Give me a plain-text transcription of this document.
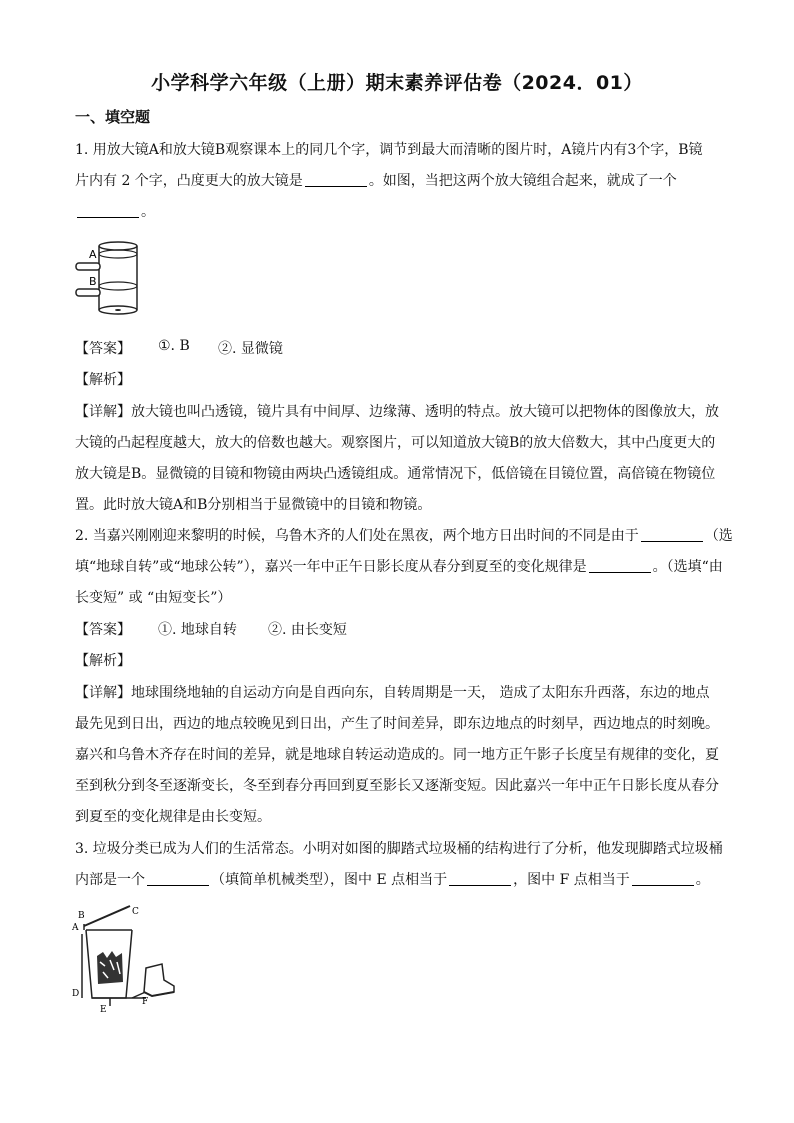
小学科学六年级（上册）期末素养评估卷（2024．01）
一、填空题
1. 用放大镜A和放大镜B观察课本上的同几个字，调节到最大而清晰的图片时，A镜片内有3个字，B镜
片内有 2 个字，凸度更大的放大镜是	。如图，当把这两个放大镜组合起来，就成了一个
。
A
B
【答案】 ①. B ②. 显微镜
【解析】
【详解】放大镜也叫凸透镜，镜片具有中间厚、边缘薄、透明的特点。放大镜可以把物体的图像放大，放
大镜的凸起程度越大，放大的倍数也越大。观察图片，可以知道放大镜B的放大倍数大，其中凸度更大的
放大镜是B。显微镜的目镜和物镜由两块凸透镜组成。通常情况下，低倍镜在目镜位置，高倍镜在物镜位
置。此时放大镜A和B分别相当于显微镜中的目镜和物镜。
2. 当嘉兴刚刚迎来黎明的时候，乌鲁木齐的人们处在黑夜，两个地方日出时间的不同是由于	（选
填“地球自转”或“地球公转”），嘉兴一年中正午日影长度从春分到夏至的变化规律是	。（选填“由
长变短” 或 “由短变长”）
【答案】 ①. 地球自转 ②. 由长变短
【解析】
【详解】地球围绕地轴的自运动方向是自西向东，自转周期是一天， 造成了太阳东升西落，东边的地点
最先见到日出，西边的地点较晚见到日出，产生了时间差异，即东边地点的时刻早，西边地点的时刻晚。
嘉兴和乌鲁木齐存在时间的差异，就是地球自转运动造成的。同一地方正午影子长度呈有规律的变化，夏
至到秋分到冬至逐渐变长，冬至到春分再回到夏至影长又逐渐变短。因此嘉兴一年中正午日影长度从春分
到夏至的变化规律是由长变短。
3. 垃圾分类已成为人们的生活常态。小明对如图的脚踏式垃圾桶的结构进行了分析，他发现脚踏式垃圾桶
内部是一个	（填简单机械类型），图中 E 点相当于	，图中 F 点相当于	。
B	C
A
D
E
F
